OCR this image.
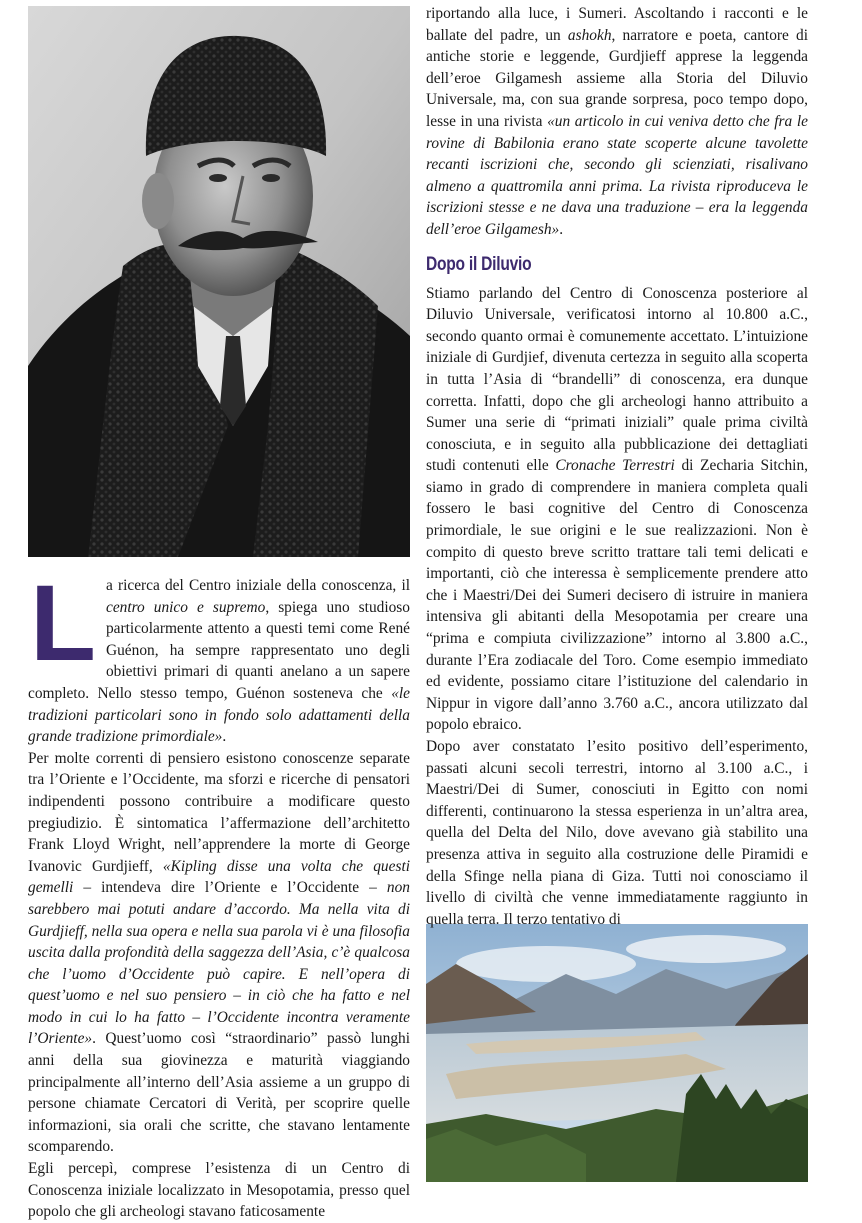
La ricerca del Centro iniziale della conoscenza, il centro unico e supremo, spiega uno studioso particolarmente attento a questi temi come René Guénon, ha sempre rappresentato uno degli obiettivi primari di quanti anelano a un sapere completo. Nello stesso tempo, Guénon sosteneva che «le tradizioni particolari sono in fondo solo adattamenti della grande tradizione primordiale».

Per molte correnti di pensiero esistono conoscenze separate tra l’Oriente e l’Occidente, ma sforzi e ricerche di pensatori indipendenti possono contribuire a modificare questo pregiudizio. È sintomatica l’affermazione dell’architetto Frank Lloyd Wright, nell’apprendere la morte di George Ivanovic Gurdjieff, «Kipling disse una volta che questi gemelli – intendeva dire l’Oriente e l’Occidente – non sarebbero mai potuti andare d’accordo. Ma nella vita di Gurdjieff, nella sua opera e nella sua parola vi è una filosofia uscita dalla profondità della saggezza dell’Asia, c’è qualcosa che l’uomo d’Occidente può capire. E nell’opera di quest’uomo e nel suo pensiero – in ciò che ha fatto e nel modo in cui lo ha fatto – l’Occidente incontra veramente l’Oriente». Quest’uomo così “straordinario” passò lunghi anni della sua giovinezza e maturità viaggiando principalmente all’interno dell’Asia assieme a un gruppo di persone chiamate Cercatori di Verità, per scoprire quelle informazioni, sia orali che scritte, che stavano lentamente scomparendo.

Egli percepì, comprese l’esistenza di un Centro di Conoscenza iniziale localizzato in Mesopotamia, presso quel popolo che gli archeologi stavano faticosamente

riportando alla luce, i Sumeri. Ascoltando i racconti e le ballate del padre, un ashokh, narratore e poeta, cantore di antiche storie e leggende, Gurdjieff apprese la leggenda dell’eroe Gilgamesh assieme alla Storia del Diluvio Universale, ma, con sua grande sorpresa, poco tempo dopo, lesse in una rivista «un articolo in cui veniva detto che fra le rovine di Babilonia erano state scoperte alcune tavolette recanti iscrizioni che, secondo gli scienziati, risalivano almeno a quattromila anni prima. La rivista riproduceva le iscrizioni stesse e ne dava una traduzione – era la leggenda dell’eroe Gilgamesh».

Dopo il Diluvio

Stiamo parlando del Centro di Conoscenza posteriore al Diluvio Universale, verificatosi intorno al 10.800 a.C., secondo quanto ormai è comunemente accettato. L’intuizione iniziale di Gurdjief, divenuta certezza in seguito alla scoperta in tutta l’Asia di “brandelli” di conoscenza, era dunque corretta. Infatti, dopo che gli archeologi hanno attribuito a Sumer una serie di “primati iniziali” quale prima civiltà conosciuta, e in seguito alla pubblicazione dei dettagliati studi contenuti elle Cronache Terrestri di Zecharia Sitchin, siamo in grado di comprendere in maniera completa quali fossero le basi cognitive del Centro di Conoscenza primordiale, le sue origini e le sue realizzazioni. Non è compito di questo breve scritto trattare tali temi delicati e importanti, ciò che interessa è semplicemente prendere atto che i Maestri/Dei dei Sumeri decisero di istruire in maniera intensiva gli abitanti della Mesopotamia per creare una “prima e compiuta civilizzazione” intorno al 3.800 a.C., durante l’Era zodiacale del Toro. Come esempio immediato ed evidente, possiamo citare l’istituzione del calendario in Nippur in vigore dall’anno 3.760 a.C., ancora utilizzato dal popolo ebraico.

Dopo aver constatato l’esito positivo dell’esperimento, passati alcuni secoli terrestri, intorno al 3.100 a.C., i Maestri/Dei di Sumer, conosciuti in Egitto con nomi differenti, continuarono la stessa esperienza in un’altra area, quella del Delta del Nilo, dove avevano già stabilito una presenza attiva in seguito alla costruzione delle Piramidi e della Sfinge nella piana di Giza. Tutti noi conosciamo il livello di civiltà che venne immediatamente raggiunto in quella terra. Il terzo tentativo di
